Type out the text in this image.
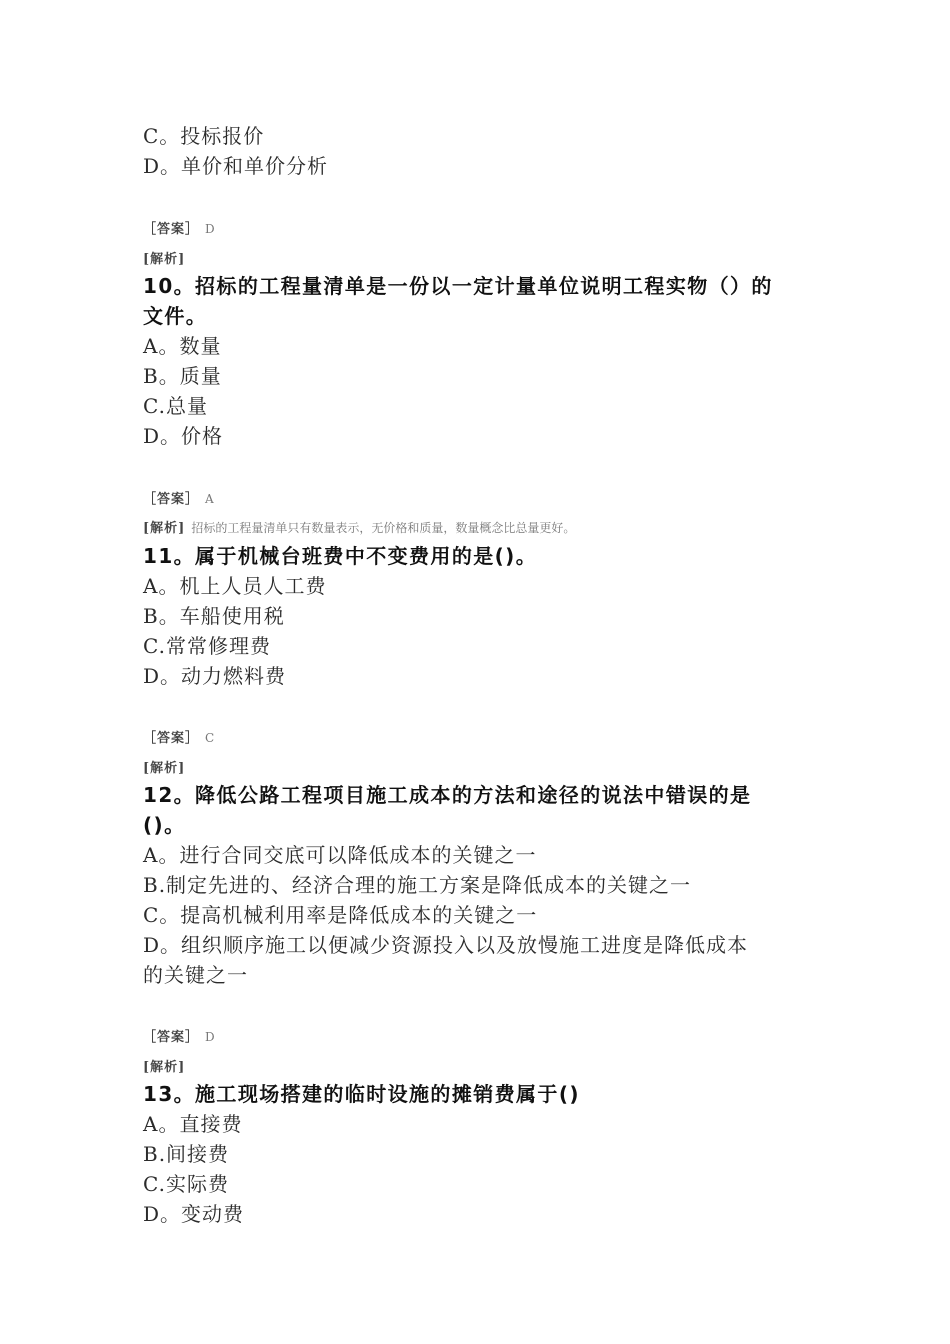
C。投标报价

D。单价和单价分析

［答案］ D

[解析]

10。招标的工程量清单是一份以一定计量单位说明工程实物（）的

文件。

A。数量

B。质量

C.总量

D。价格

［答案］ A

[解析] 招标的工程量清单只有数量表示，无价格和质量，数量概念比总量更好。

11。属于机械台班费中不变费用的是()。

A。机上人员人工费

B。车船使用税

C.常常修理费

D。动力燃料费

［答案］ C

[解析]

12。降低公路工程项目施工成本的方法和途径的说法中错误的是

()。

A。进行合同交底可以降低成本的关键之一

B.制定先进的、经济合理的施工方案是降低成本的关键之一

C。提高机械利用率是降低成本的关键之一

D。组织顺序施工以便减少资源投入以及放慢施工进度是降低成本

的关键之一

［答案］ D

[解析]

13。施工现场搭建的临时设施的摊销费属于()

A。直接费

B.间接费

C.实际费

D。变动费
